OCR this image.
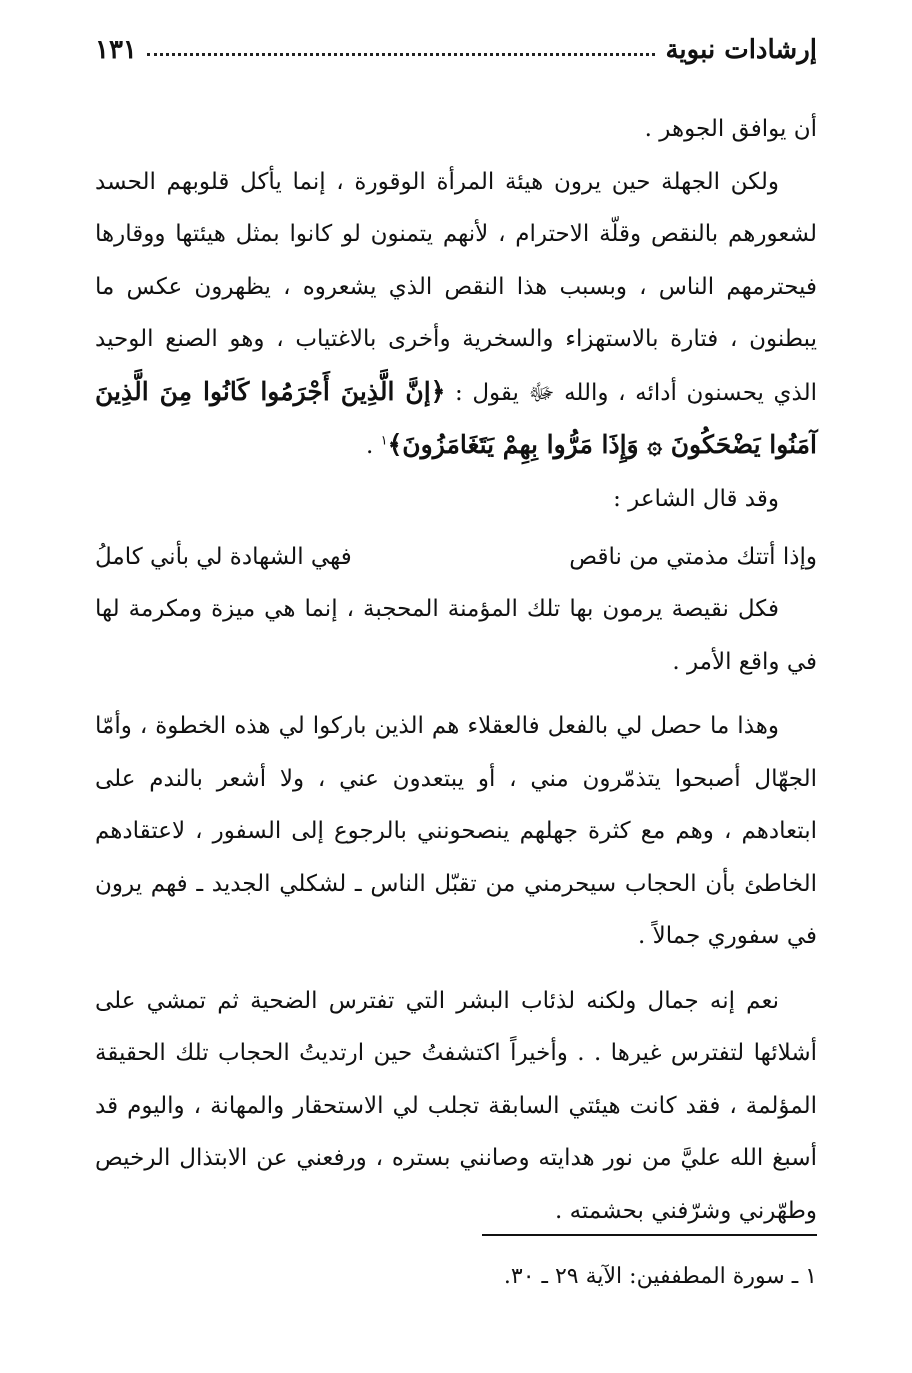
إرشادات نبوية
١٣١

أن يوافق الجوهر .

ولكن الجهلة حين يرون هيئة المرأة الوقورة ، إنما يأكل قلوبهم الحسد لشعورهم بالنقص وقلّة الاحترام ، لأنهم يتمنون لو كانوا بمثل هيئتها ووقارها فيحترمهم الناس ، وبسبب هذا النقص الذي يشعروه ، يظهرون عكس ما يبطنون ، فتارة بالاستهزاء والسخرية وأخرى بالاغتياب ، وهو الصنع الوحيد الذي يحسنون أدائه ، والله ﷻ يقول : ﴿إنَّ الَّذِينَ أَجْرَمُوا كَانُوا مِنَ الَّذِينَ آمَنُوا يَضْحَكُونَ ۞ وَإِذَا مَرُّوا بِهِمْ يَتَغَامَزُونَ﴾$^١$ .

وقد قال الشاعر :

وإذا أتتك مذمتي من ناقص
فهي الشهادة لي بأني كاملُ

فكل نقيصة يرمون بها تلك المؤمنة المحجبة ، إنما هي ميزة ومكرمة لها في واقع الأمر .

وهذا ما حصل لي بالفعل فالعقلاء هم الذين باركوا لي هذه الخطوة ، وأمّا الجهّال أصبحوا يتذمّرون مني ، أو يبتعدون عني ، ولا أشعر بالندم على ابتعادهم ، وهم مع كثرة جهلهم ينصحونني بالرجوع إلى السفور ، لاعتقادهم الخاطئ بأن الحجاب سيحرمني من تقبّل الناس ـ لشكلي الجديد ـ فهم يرون في سفوري جمالاً .

نعم إنه جمال ولكنه لذئاب البشر التي تفترس الضحية ثم تمشي على أشلائها لتفترس غيرها . . وأخيراً اكتشفتُ حين ارتديتُ الحجاب تلك الحقيقة المؤلمة ، فقد كانت هيئتي السابقة تجلب لي الاستحقار والمهانة ، واليوم قد أسبغ الله عليَّ من نور هدايته وصانني بستره ، ورفعني عن الابتذال الرخيص وطهّرني وشرّفني بحشمته .

١ ـ سورة المطففين: الآية ٢٩ ـ ٣٠.
